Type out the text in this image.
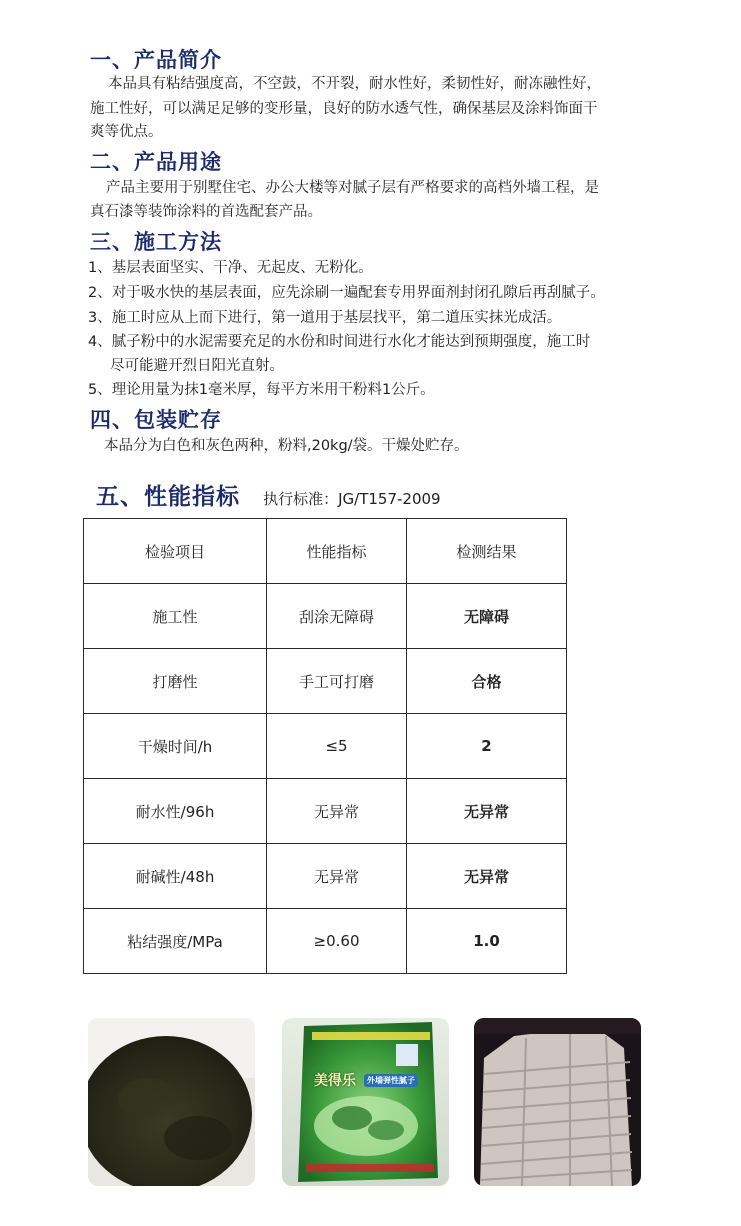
一、产品简介
本品具有粘结强度高，不空鼓，不开裂，耐水性好，柔韧性好，耐冻融性好，
施工性好，可以满足足够的变形量，良好的防水透气性，确保基层及涂料饰面干
爽等优点。
二、产品用途
产品主要用于别墅住宅、办公大楼等对腻子层有严格要求的高档外墙工程，是
真石漆等装饰涂料的首选配套产品。
三、施工方法
1、基层表面坚实、干净、无起皮、无粉化。
2、对于吸水快的基层表面，应先涂刷一遍配套专用界面剂封闭孔隙后再刮腻子。
3、施工时应从上而下进行，第一道用于基层找平，第二道压实抹光成活。
4、腻子粉中的水泥需要充足的水份和时间进行水化才能达到预期强度，施工时
尽可能避开烈日阳光直射。
5、理论用量为抹1毫米厚，每平方米用干粉料1公斤。
四、包装贮存
本品分为白色和灰色两种，粉料,20kg/袋。干燥处贮存。
五、性能指标 执行标准：JG/T157-2009
检验项目	性能指标	检测结果
施工性	刮涂无障碍	无障碍
打磨性	手工可打磨	合格
干燥时间/h	≤5	2
耐水性/96h	无异常	无异常
耐碱性/48h	无异常	无异常
粘结强度/MPa	≥0.60	1.0
美得乐	外墙弹性腻子
